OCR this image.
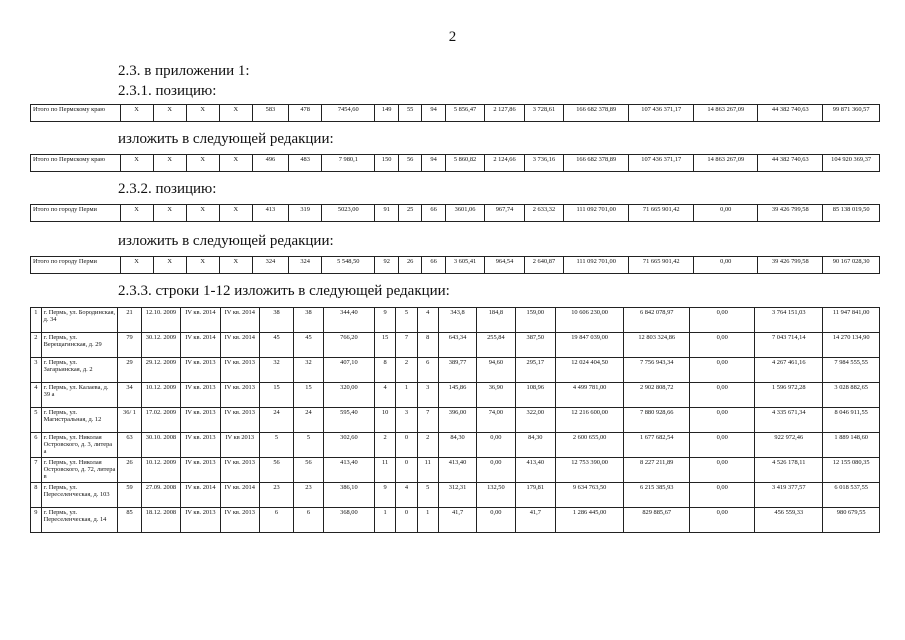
2
2.3. в приложении 1:
2.3.1. позицию:
Итого по Пермскому краю	X	X	X	X	583	478	7454,60	149	55	94	5 856,47	2 127,86	3 728,61	166 682 378,89	107 436 371,17	14 863 267,09	44 382 740,63	99 871 360,57
изложить в следующей редакции:
Итого по Пермскому краю	X	X	X	X	496	483	7 980,1	150	56	94	5 860,82	2 124,66	3 736,16	166 682 378,89	107 436 371,17	14 863 267,09	44 382 740,63	104 920 369,37
2.3.2. позицию:
Итого по городу Перми	X	X	X	X	413	319	5023,00	91	25	66	3601,06	967,74	2 633,32	111 092 701,00	71 665 901,42	0,00	39 426 799,58	85 138 019,50
изложить в следующей редакции:
Итого по городу Перми	X	X	X	X	324	324	5 548,50	92	26	66	3 605,41	964,54	2 640,87	111 092 701,00	71 665 901,42	0,00	39 426 799,58	90 167 028,30
2.3.3. строки 1-12 изложить в следующей редакции:
1	г. Пермь, ул. Бородинская, д. 34	21	12.10. 2009	IV кв. 2014	IV кв. 2014	38	38	344,40	9	5	4	343,8	184,8	159,00	10 606 230,00	6 842 078,97	0,00	3 764 151,03	11 947 841,00
2	г. Пермь, ул. Верещагинская, д. 29	79	30.12. 2009	IV кв. 2014	IV кв. 2014	45	45	766,20	15	7	8	643,34	255,84	387,50	19 847 039,00	12 803 324,86	0,00	7 043 714,14	14 270 134,90
3	г. Пермь, ул. Загарьинская, д. 2	29	29.12. 2009	IV кв. 2013	IV кв. 2013	32	32	407,10	8	2	6	389,77	94,60	295,17	12 024 404,50	7 756 943,34	0,00	4 267 461,16	7 984 555,55
4	г. Пермь, ул. Калаева, д. 39 а	34	10.12. 2009	IV кв. 2013	IV кв. 2013	15	15	320,00	4	1	3	145,86	36,90	108,96	4 499 781,00	2 902 808,72	0,00	1 596 972,28	3 028 882,65
5	г. Пермь, ул. Магистральная, д. 12	36/ 1	17.02. 2009	IV кв. 2013	IV кв. 2013	24	24	595,40	10	3	7	396,00	74,00	322,00	12 216 600,00	7 880 928,66	0,00	4 335 671,34	8 046 911,55
6	г. Пермь, ул. Николая Островского, д. 3, литера а	63	30.10. 2008	IV кв. 2013	IV кв 2013	5	5	302,60	2	0	2	84,30	0,00	84,30	2 600 655,00	1 677 682,54	0,00	922 972,46	1 889 148,60
7	г. Пермь, ул. Николая Островского, д. 72, литера в	26	10.12. 2009	IV кв. 2013	IV кв. 2013	56	56	413,40	11	0	11	413,40	0,00	413,40	12 753 390,00	8 227 211,89	0,00	4 526 178,11	12 155 080,35
8	г. Пермь, ул. Переселенческая, д. 103	59	27.09. 2008	IV кв. 2014	IV кв. 2014	23	23	386,10	9	4	5	312,31	132,50	179,81	9 634 763,50	6 215 385,93	0,00	3 419 377,57	6 018 537,55
9	г. Пермь, ул. Переселенческая, д. 14	85	18.12. 2008	IV кв. 2013	IV кв. 2013	6	6	368,00	1	0	1	41,7	0,00	41,7	1 286 445,00	829 885,67	0,00	456 559,33	980 679,55
